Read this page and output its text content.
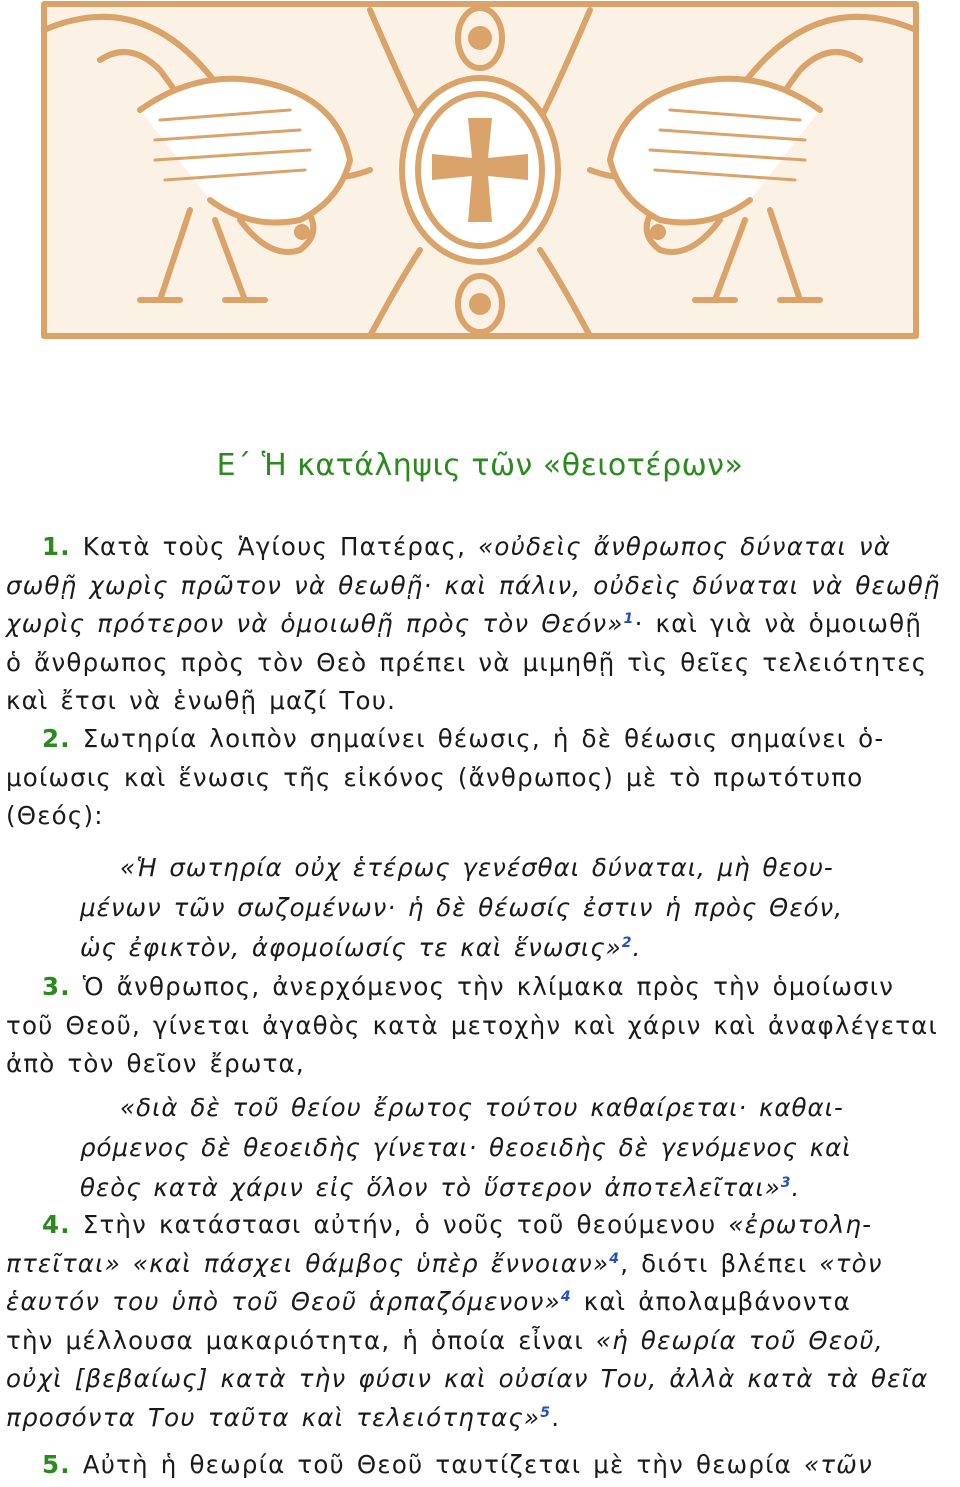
Ε΄ Ἡ κατάληψις τῶν «θειοτέρων»
1. Κατὰ τοὺς Ἁγίους Πατέρας, «οὐδεὶς ἄνθρωπος δύναται νὰ
σωθῇ χωρὶς πρῶτον νὰ θεωθῇ· καὶ πάλιν, οὐδεὶς δύναται νὰ θεωθῇ
χωρὶς πρότερον νὰ ὁμοιωθῇ πρὸς τὸν Θεόν»$^1$· καὶ γιὰ νὰ ὁμοιωθῇ
ὁ ἄνθρωπος πρὸς τὸν Θεὸ πρέπει νὰ μιμηθῇ τὶς θεῖες τελειότητες
καὶ ἔτσι νὰ ἑνωθῇ μαζί Του.
2. Σωτηρία λοιπὸν σημαίνει θέωσις, ἡ δὲ θέωσις σημαίνει ὁ-
μοίωσις καὶ ἕνωσις τῆς εἰκόνος (ἄνθρωπος) μὲ τὸ πρωτότυπο
(Θεός):
«Ἡ σωτηρία οὐχ ἑτέρως γενέσθαι δύναται, μὴ θεου-
μένων τῶν σωζομένων· ἡ δὲ θέωσίς ἐστιν ἡ πρὸς Θεόν,
ὡς ἐφικτὸν, ἀφομοίωσίς τε καὶ ἕνωσις»$^2$.
3. Ὁ ἄνθρωπος, ἀνερχόμενος τὴν κλίμακα πρὸς τὴν ὁμοίωσιν
τοῦ Θεοῦ, γίνεται ἀγαθὸς κατὰ μετοχὴν καὶ χάριν καὶ ἀναφλέγεται
ἀπὸ τὸν θεῖον ἔρωτα,
«διὰ δὲ τοῦ θείου ἔρωτος τούτου καθαίρεται· καθαι-
ρόμενος δὲ θεοειδὴς γίνεται· θεοειδὴς δὲ γενόμενος καὶ
θεὸς κατὰ χάριν εἰς ὅλον τὸ ὕστερον ἀποτελεῖται»$^3$.
4. Στὴν κατάστασι αὐτήν, ὁ νοῦς τοῦ θεούμενου «ἐρωτολη-
πτεῖται» «καὶ πάσχει θάμβος ὑπὲρ ἔννοιαν»$^4$, διότι βλέπει «τὸν
ἑαυτόν του ὑπὸ τοῦ Θεοῦ ἁρπαζόμενον»$^4$ καὶ ἀπολαμβάνοντα
τὴν μέλλουσα μακαριότητα, ἡ ὁποία εἶναι «ἡ θεωρία τοῦ Θεοῦ,
οὐχὶ [βεβαίως] κατὰ τὴν φύσιν καὶ οὐσίαν Του, ἀλλὰ κατὰ τὰ θεῖα
προσόντα Του ταῦτα καὶ τελειότητας»$^5$.
5. Αὐτὴ ἡ θεωρία τοῦ Θεοῦ ταυτίζεται μὲ τὴν θεωρία «τῶν
